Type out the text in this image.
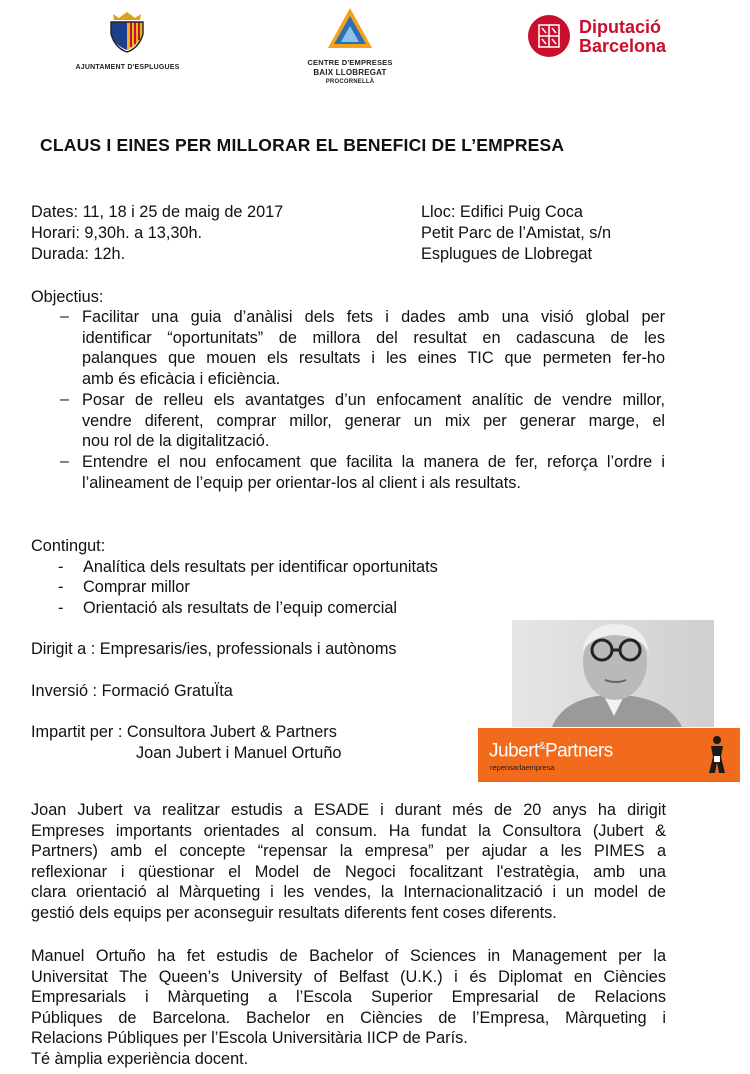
AJUNTAMENT D'ESPLUGUES
CENTRE D'EMPRESES
BAIX LLOBREGAT
PROCORNELLÀ
Diputació
Barcelona
CLAUS I EINES PER MILLORAR EL BENEFICI DE L’EMPRESA
Dates: 11, 18 i 25 de maig de 2017
Horari: 9,30h. a 13,30h.
Durada: 12h.
Lloc: Edifici Puig Coca
Petit Parc de l’Amistat, s/n
Esplugues de Llobregat
Objectius:
– Facilitar una guia d’anàlisi dels fets i dades amb una visió global per
identificar “oportunitats” de millora del resultat en cadascuna de les
palanques que mouen els resultats i les eines TIC que permeten fer-ho
amb és eficàcia i eficiència.
– Posar de relleu els avantatges d’un enfocament analític de vendre millor,
vendre diferent, comprar millor, generar un mix per generar marge, el
nou rol de la digitalització.
– Entendre el nou enfocament que facilita la manera de fer, reforça l’ordre i
l’alineament de l’equip per orientar-los al client i als resultats.
Contingut:
- Analítica dels resultats per identificar oportunitats
- Comprar millor
- Orientació als resultats de l’equip comercial
Dirigit a : Empresaris/ies, professionals i autònoms
Inversió : Formació GratuÏta
Impartit per : Consultora Jubert & Partners
Joan Jubert i Manuel Ortuño	Jubert&Partners
repensarlaempresa
Joan Jubert va realitzar estudis a ESADE i durant més de 20 anys ha dirigit
Empreses importants orientades al consum. Ha fundat la Consultora (Jubert &
Partners) amb el concepte “repensar la empresa” per ajudar a les PIMES a
reflexionar i qüestionar el Model de Negoci focalitzant l'estratègia, amb una
clara orientació al Màrqueting i les vendes, la Internacionalització i un model de
gestió dels equips per aconseguir resultats diferents fent coses diferents.
Manuel Ortuño ha fet estudis de Bachelor of Sciences in Management per la
Universitat The Queen’s University of Belfast (U.K.) i és Diplomat en Ciències
Empresarials i Màrqueting a l’Escola Superior Empresarial de Relacions
Públiques de Barcelona. Bachelor en Ciències de l’Empresa, Màrqueting i
Relacions Públiques per l’Escola Universitària IICP de París.
Té àmplia experiència docent.
